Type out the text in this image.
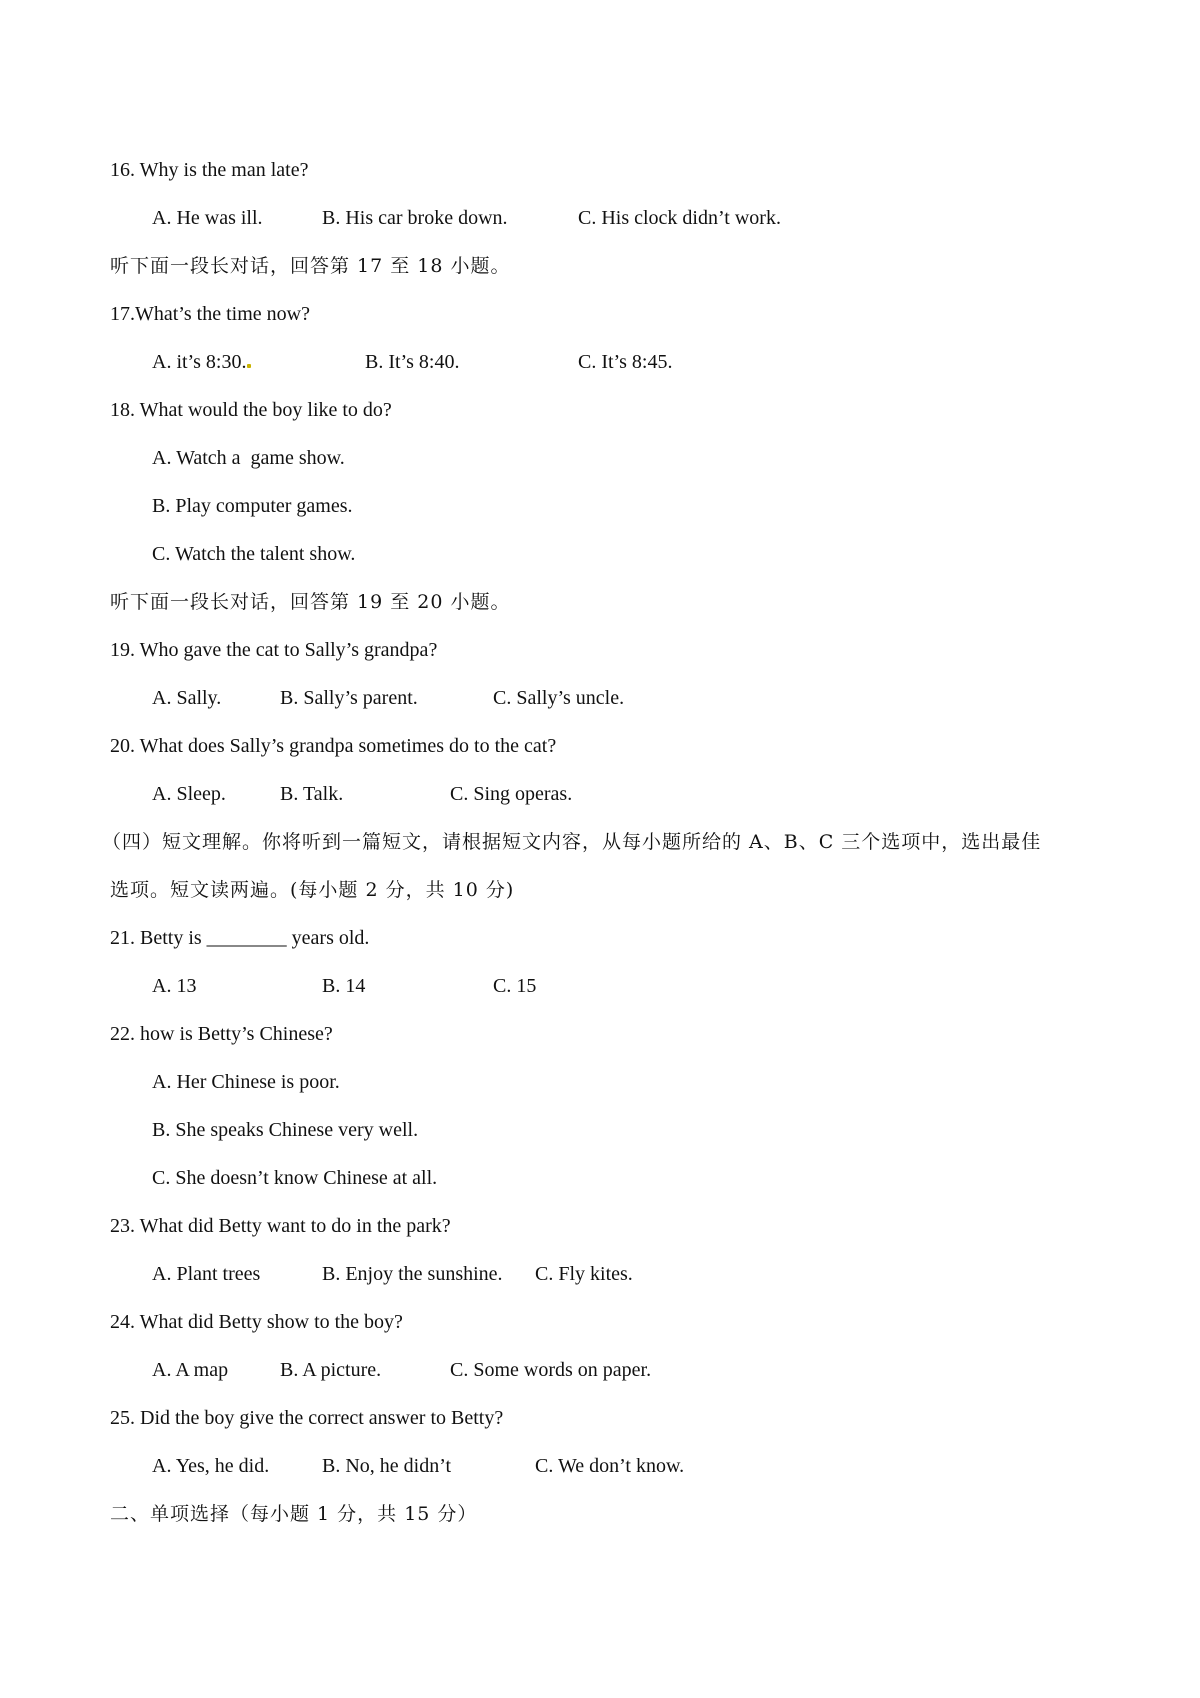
16. Why is the man late?
A. He was ill.	B. His car broke down.	C. His clock didn’t work.
听下面一段长对话，回答第 17 至 18 小题。
17.What’s the time now?
A. it’s 8:30.	B. It’s 8:40.	C. It’s 8:45.
18. What would the boy like to do?
A. Watch a  game show.
B. Play computer games.
C. Watch the talent show.
听下面一段长对话，回答第 19 至 20 小题。
19. Who gave the cat to Sally’s grandpa?
A. Sally.	B. Sally’s parent.	C. Sally’s uncle.
20. What does Sally’s grandpa sometimes do to the cat?
A. Sleep.	B. Talk.	C. Sing operas.
（四）短文理解。你将听到一篇短文，请根据短文内容，从每小题所给的 A、B、C 三个选项中，选出最佳
选项。短文读两遍。(每小题 2 分，共 10 分)
21. Betty is ________ years old.
A. 13	B. 14	C. 15
22. how is Betty’s Chinese?
A. Her Chinese is poor.
B. She speaks Chinese very well.
C. She doesn’t know Chinese at all.
23. What did Betty want to do in the park?
A. Plant trees	B. Enjoy the sunshine. C. Fly kites.
24. What did Betty show to the boy?
A. A map	B. A picture.	C. Some words on paper.
25. Did the boy give the correct answer to Betty?
A. Yes, he did.	B. No, he didn’t	C. We don’t know.
二、单项选择（每小题 1 分，共 15 分）
